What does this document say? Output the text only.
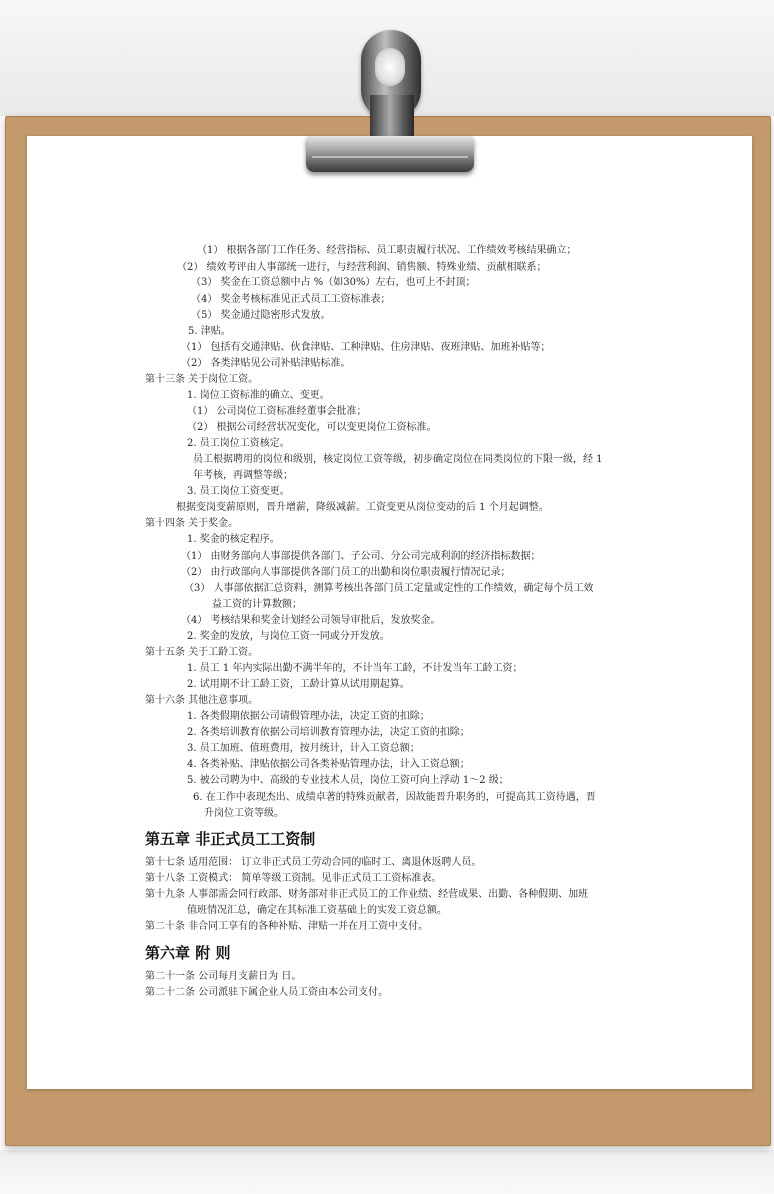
（1） 根据各部门工作任务、经营指标、员工职责履行状况、工作绩效考核结果确立；
（2） 绩效考评由人事部统一进行，与经营利润、销售额、特殊业绩、贡献相联系；
（3） 奖金在工资总额中占 %（如30%）左右，也可上不封顶；
（4） 奖金考核标准见正式员工工资标准表；
（5） 奖金通过隐密形式发放。
5. 津贴。
（1） 包括有交通津贴、伙食津贴、工种津贴、住房津贴、夜班津贴、加班补贴等；
（2） 各类津贴见公司补贴津贴标准。
第十三条 关于岗位工资。
1. 岗位工资标准的确立、变更。
（1） 公司岗位工资标准经董事会批准；
（2） 根据公司经营状况变化，可以变更岗位工资标准。
2. 员工岗位工资核定。
员工根据聘用的岗位和级别，核定岗位工资等级，初步确定岗位在同类岗位的下限一级，经 1
年考核，再调整等级；
3. 员工岗位工资变更。
根据变岗变薪原则，晋升增薪，降级减薪。工资变更从岗位变动的后 1 个月起调整。
第十四条 关于奖金。
1. 奖金的核定程序。
（1） 由财务部向人事部提供各部门、子公司、分公司完成利润的经济指标数据；
（2） 由行政部向人事部提供各部门员工的出勤和岗位职责履行情况记录；
（3） 人事部依据汇总资料，测算考核出各部门员工定量或定性的工作绩效，确定每个员工效
益工资的计算数额；
（4） 考核结果和奖金计划经公司领导审批后，发放奖金。
2. 奖金的发放，与岗位工资一同或分开发放。
第十五条 关于工龄工资。
1. 员工 1 年内实际出勤不满半年的，不计当年工龄，不计发当年工龄工资；
2. 试用期不计工龄工资，工龄计算从试用期起算。
第十六条 其他注意事项。
1. 各类假期依据公司请假管理办法，决定工资的扣除；
2. 各类培训教育依据公司培训教育管理办法，决定工资的扣除；
3. 员工加班、值班费用，按月统计，计入工资总额；
4. 各类补贴、津贴依据公司各类补贴管理办法，计入工资总额；
5. 被公司聘为中、高级的专业技术人员，岗位工资可向上浮动 1～2 级；
6. 在工作中表现杰出、成绩卓著的特殊贡献者，因故能晋升职务的，可提高其工资待遇，晋
升岗位工资等级。
第五章 非正式员工工资制
第十七条 适用范围： 订立非正式员工劳动合同的临时工、离退休返聘人员。
第十八条 工资模式： 简单等级工资制。见非正式员工工资标准表。
第十九条 人事部需会同行政部、财务部对非正式员工的工作业绩、经营成果、出勤、各种假期、加班
值班情况汇总，确定在其标准工资基础上的实发工资总额。
第二十条 非合同工享有的各种补贴、津贴一并在月工资中支付。
第六章 附 则
第二十一条 公司每月支薪日为 日。
第二十二条 公司派驻下属企业人员工资由本公司支付。
